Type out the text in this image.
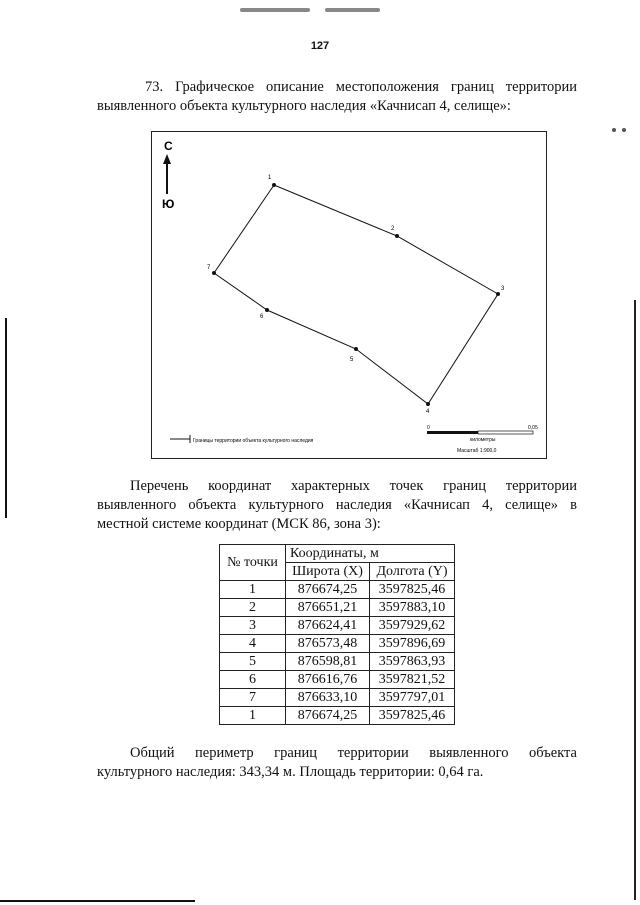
127

73. Графическое описание местоположения границ территории

выявленного объекта культурного наследия «Качнисап 4, селище»:

С
Ю
1
2
3
4
5
6
7
Границы территории объекта культурного наследия
0	0,05
километры
Масштаб 1:900,0

Перечень координат характерных точек границ территории

выявленного объекта культурного наследия «Качнисап 4, селище» в

местной системе координат (МСК 86, зона 3):

№ точки	Координаты, м	
	Широта (X)	Долгота (Y)
1	876674,25	3597825,46
2	876651,21	3597883,10
3	876624,41	3597929,62
4	876573,48	3597896,69
5	876598,81	3597863,93
6	876616,76	3597821,52
7	876633,10	3597797,01
1	876674,25	3597825,46

Общий периметр границ территории выявленного объекта

культурного наследия: 343,34 м. Площадь территории: 0,64 га.
